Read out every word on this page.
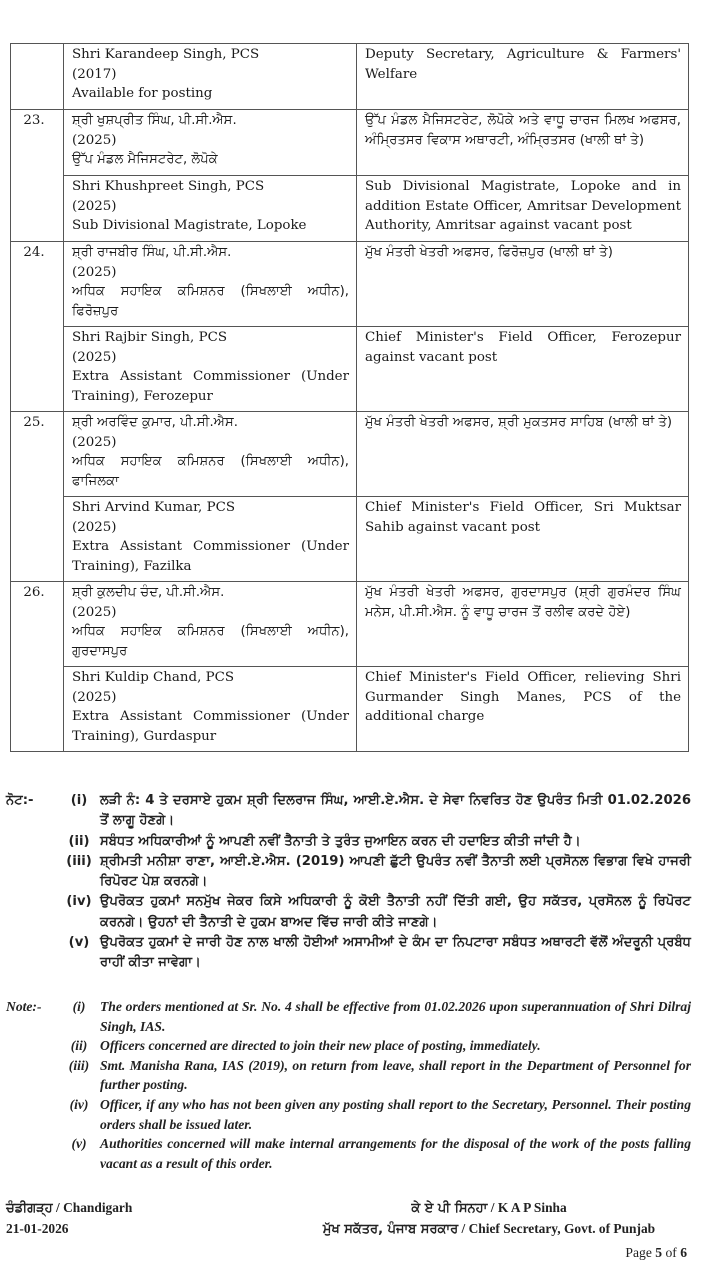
	Shri Karandeep Singh, PCS
(2017)
Available for posting	Deputy Secretary, Agriculture & Farmers' Welfare
23.	ਸ਼੍ਰੀ ਖੁਸ਼ਪ੍ਰੀਤ ਸਿੰਘ, ਪੀ.ਸੀ.ਐਸ.
(2025)
ਉੱਪ ਮੰਡਲ ਮੈਜਿਸਟਰੇਟ, ਲੋਪੋਕੇ	ਉੱਪ ਮੰਡਲ ਮੈਜਿਸਟਰੇਟ, ਲੋਪੋਕੇ ਅਤੇ ਵਾਧੂ ਚਾਰਜ ਮਿਲਖ ਅਫਸਰ, ਅੰਮ੍ਰਿਤਸਰ ਵਿਕਾਸ ਅਥਾਰਟੀ, ਅੰਮ੍ਰਿਤਸਰ (ਖਾਲੀ ਥਾਂ ਤੇ)

	Shri Khushpreet Singh, PCS
(2025)
Sub Divisional Magistrate, Lopoke	Sub Divisional Magistrate, Lopoke and in addition Estate Officer, Amritsar Development Authority, Amritsar against vacant post
24.	ਸ਼੍ਰੀ ਰਾਜਬੀਰ ਸਿੰਘ, ਪੀ.ਸੀ.ਐਸ.
(2025)
ਅਧਿਕ ਸਹਾਇਕ ਕਮਿਸ਼ਨਰ (ਸਿਖਲਾਈ ਅਧੀਨ), ਫਿਰੋਜ਼ਪੁਰ	ਮੁੱਖ ਮੰਤਰੀ ਖੇਤਰੀ ਅਫਸਰ, ਫਿਰੋਜ਼ਪੁਰ (ਖਾਲੀ ਥਾਂ ਤੇ)

	Shri Rajbir Singh, PCS
(2025)
Extra Assistant Commissioner (Under Training), Ferozepur	Chief Minister's Field Officer, Ferozepur against vacant post
25.	ਸ਼੍ਰੀ ਅਰਵਿੰਦ ਕੁਮਾਰ, ਪੀ.ਸੀ.ਐਸ.
(2025)
ਅਧਿਕ ਸਹਾਇਕ ਕਮਿਸ਼ਨਰ (ਸਿਖਲਾਈ ਅਧੀਨ), ਫਾਜਿਲਕਾ	ਮੁੱਖ ਮੰਤਰੀ ਖੇਤਰੀ ਅਫਸਰ, ਸ਼੍ਰੀ ਮੁਕਤਸਰ ਸਾਹਿਬ (ਖਾਲੀ ਥਾਂ ਤੇ)

	Shri Arvind Kumar, PCS
(2025)
Extra Assistant Commissioner (Under Training), Fazilka	Chief Minister's Field Officer, Sri Muktsar Sahib against vacant post
26.	ਸ਼੍ਰੀ ਕੁਲਦੀਪ ਚੰਦ, ਪੀ.ਸੀ.ਐਸ.
(2025)
ਅਧਿਕ ਸਹਾਇਕ ਕਮਿਸ਼ਨਰ (ਸਿਖਲਾਈ ਅਧੀਨ), ਗੁਰਦਾਸਪੁਰ	ਮੁੱਖ ਮੰਤਰੀ ਖੇਤਰੀ ਅਫਸਰ, ਗੁਰਦਾਸਪੁਰ (ਸ਼੍ਰੀ ਗੁਰਮੰਦਰ ਸਿੰਘ ਮਨੇਸ, ਪੀ.ਸੀ.ਐਸ. ਨੂੰ ਵਾਧੂ ਚਾਰਜ ਤੋਂ ਰਲੀਵ ਕਰਦੇ ਹੋਏ)

	Shri Kuldip Chand, PCS
(2025)
Extra Assistant Commissioner (Under Training), Gurdaspur	Chief Minister's Field Officer, relieving Shri Gurmander Singh Manes, PCS of the additional charge
ਨੋਟ:-	(i) ਲੜੀ ਨੰ: 4 ਤੇ ਦਰਸਾਏ ਹੁਕਮ ਸ਼੍ਰੀ ਦਿਲਰਾਜ ਸਿੰਘ, ਆਈ.ਏ.ਐਸ. ਦੇ ਸੇਵਾ ਨਿਵਰਿਤ ਹੋਣ ਉਪਰੰਤ ਮਿਤੀ 01.02.2026 ਤੋਂ ਲਾਗੂ ਹੋਣਗੇ।
(ii) ਸਬੰਧਤ ਅਧਿਕਾਰੀਆਂ ਨੂੰ ਆਪਣੀ ਨਵੀਂ ਤੈਨਾਤੀ ਤੇ ਤੁਰੰਤ ਜੁਆਇਨ ਕਰਨ ਦੀ ਹਦਾਇਤ ਕੀਤੀ ਜਾਂਦੀ ਹੈ।
(iii) ਸ਼੍ਰੀਮਤੀ ਮਨੀਸ਼ਾ ਰਾਣਾ, ਆਈ.ਏ.ਐਸ. (2019) ਆਪਣੀ ਛੁੱਟੀ ਉਪਰੰਤ ਨਵੀਂ ਤੈਨਾਤੀ ਲਈ ਪ੍ਰਸੋਨਲ ਵਿਭਾਗ ਵਿਖੇ ਹਾਜਰੀ ਰਿਪੋਰਟ ਪੇਸ਼ ਕਰਨਗੇ।
(iv) ਉਪਰੋਕਤ ਹੁਕਮਾਂ ਸਨਮੁੱਖ ਜੇਕਰ ਕਿਸੇ ਅਧਿਕਾਰੀ ਨੂੰ ਕੋਈ ਤੈਨਾਤੀ ਨਹੀਂ ਦਿੱਤੀ ਗਈ, ਉਹ ਸਕੱਤਰ, ਪ੍ਰਸੋਨਲ ਨੂੰ ਰਿਪੋਰਟ ਕਰਨਗੇ। ਉਹਨਾਂ ਦੀ ਤੈਨਾਤੀ ਦੇ ਹੁਕਮ ਬਾਅਦ ਵਿੱਚ ਜਾਰੀ ਕੀਤੇ ਜਾਣਗੇ।
(v) ਉਪਰੋਕਤ ਹੁਕਮਾਂ ਦੇ ਜਾਰੀ ਹੋਣ ਨਾਲ ਖਾਲੀ ਹੋਈਆਂ ਅਸਾਮੀਆਂ ਦੇ ਕੰਮ ਦਾ ਨਿਪਟਾਰਾ ਸਬੰਧਤ ਅਥਾਰਟੀ ਵੱਲੋਂ ਅੰਦਰੂਨੀ ਪ੍ਰਬੰਧ ਰਾਹੀਂ ਕੀਤਾ ਜਾਵੇਗਾ।
Note:-	(i)	The orders mentioned at Sr. No. 4 shall be effective from 01.02.2026 upon superannuation of Shri Dilraj Singh, IAS.
(ii) Officers concerned are directed to join their new place of posting, immediately.
(iii) Smt. Manisha Rana, IAS (2019), on return from leave, shall report in the Department of Personnel for further posting.
(iv) Officer, if any who has not been given any posting shall report to the Secretary, Personnel. Their posting orders shall be issued later.
(v) Authorities concerned will make internal arrangements for the disposal of the work of the posts falling vacant as a result of this order.
ਚੰਡੀਗੜ੍ਹ / Chandigarh
21-01-2026
ਕੇ ਏ ਪੀ ਸਿਨਹਾ / K A P Sinha
ਮੁੱਖ ਸਕੱਤਰ, ਪੰਜਾਬ ਸਰਕਾਰ / Chief Secretary, Govt. of Punjab
Page 5 of 6
